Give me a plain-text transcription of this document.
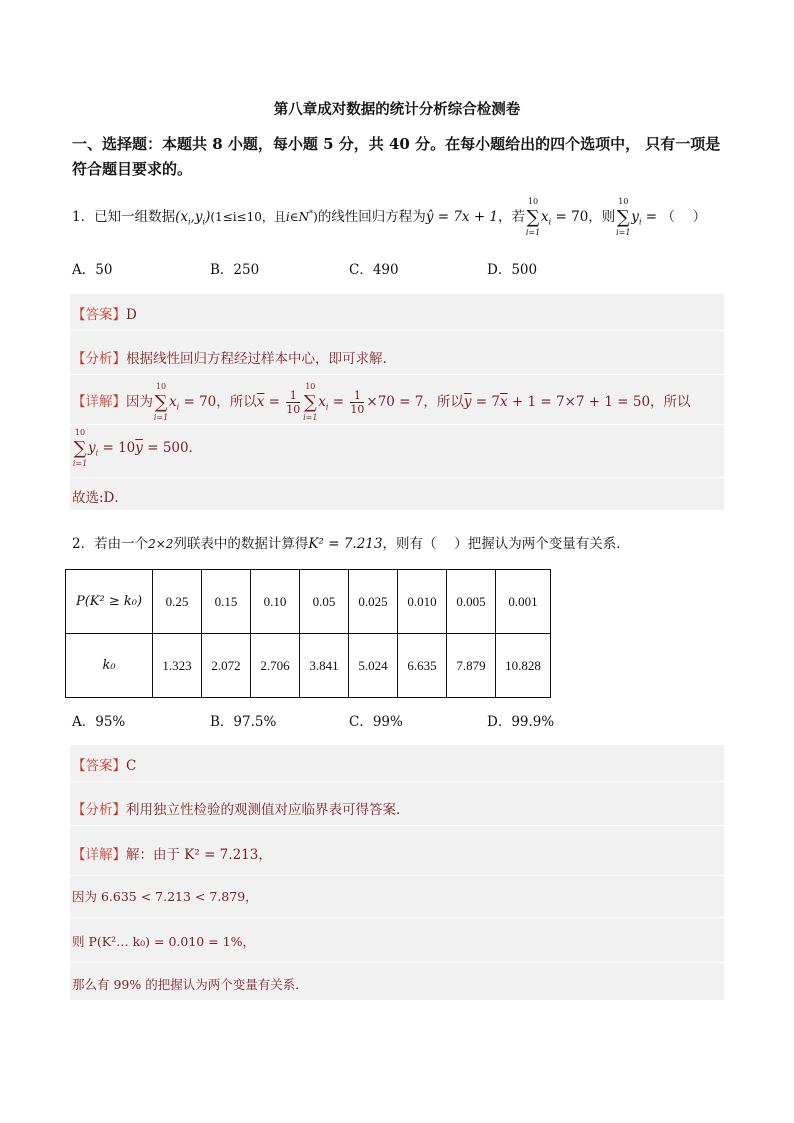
第八章成对数据的统计分析综合检测卷
一、选择题：本题共 8 小题，每小题 5 分，共 40 分。在每小题给出的四个选项中， 只有一项是符合题目要求的。
1．已知一组数据$(x_i,y_i)(1\le i\le 10$，且i∈N*)的线性回归方程为ŷ = 7x + 1，若
10
∑
i=1
$x_i = 70$，则
10
∑
i=1
$y_i$ = （　 ）
A．50	B．250	C．490	D．500
【答案】D
【分析】根据线性回归方程经过样本中心，即可求解.
【详解】因为
10
∑
i=1
$x_i = 70$，所以$\overline{x} = \frac{1}{10}$
10
∑
i=1
$x_i = \frac{1}{10} \times 70 = 7$，所以$\overline{y} = 7\overline{x} + 1 = 7\times 7 + 1 = 50$，所以
10
∑
i=1
$y_i = 10\overline{y} = 500$．
故选:D．
2．若由一个2×2列联表中的数据计算得K² = 7.213，则有（　 ）把握认为两个变量有关系．
P(K² ≥ k₀)	0.25	0.15	0.10	0.05	0.025	0.010	0.005	0.001
k₀	1.323	2.072	2.706	3.841	5.024	6.635	7.879	10.828
A．95%	B．97.5%	C．99%	D．99.9%
【答案】C
【分析】利用独立性检验的观测值对应临界表可得答案．
【详解】解：由于 K² = 7.213，
因为 6.635 < 7.213 < 7.879，
则 P(K²… k₀) = 0.010 = 1%，
那么有 99% 的把握认为两个变量有关系．
